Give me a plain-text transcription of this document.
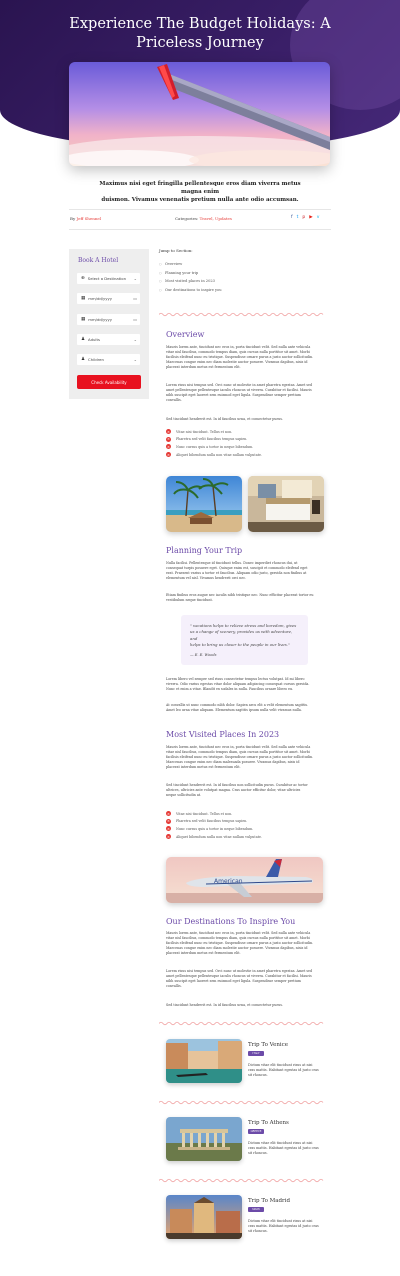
Experience The Budget Holidays: A
Priceless Journey
Maximus nisi eget fringilla pellentesque eros diam viverra metus magna enim
duismon. Vivamus venenatis pretium nulla ante odio accumsan.
By Jeff Shennel	Categories: Travel, Updates	f t p ▶ v
Book A Hotel
⊕ Select a Destination ⌄
▦ mm/dd/yyyy	▭
▦ mm/dd/yyyy	▭
♟ Adults	⌄
♟ Children	⌄
Check Availability
Jump to Section:
○ Overview
○ Planning your trip
○ Most visited places in 2023
○ Our destinations to inspire you
Overview
Mauris lorem ante, tincidunt nec eros in, porta tincidunt velit. Sed nulla ante vehicula
vitae nisl faucibus, commodo tempus diam, quis cursus nulla porttitor sit amet. Morbi
facilisis eleifend nunc eu tristique. Suspendisse ornare purus a justo auctor sollicitudin.
Maecenas congue enim nec diam molestie auctor posuere. Vivamus dapibus, nisis id
placerat interdum metus est fermentum elit.
Lorem risus nisi tempus sed. Orci nunc ut molestie in amet pharetra egestas. Amet sed
amet pellentesque pellentesque iaculis rhoncus ut viverra. Curabitur et facilisi. Mauris
nibh suscipit eget laoreet sem euismod eget ligula. Suspendisse semper pretium
convallis.
Sed tincidunt hendrerit est. In id faucibus urna, et consectetur purus.
×	Vitae nisi tincidunt. Tellus et non.
×	Pharetra sed velit faucibus tempus sapien.
×	Nunc cursus quis a tortor in neque bibendum.
×	Aliquet bibendum nulla non vitae nullam vulputate.
Planning Your Trip
Nulla facilisi. Pellentesque id tincidunt tellus. Donec imperdiet rhoncus dui, ut
consequat turpis posuere eget. Quisque enim est, suscipit et commodo eleifend eget
erat. Praesent varius a tortor et faucibus. Aliquam odio justo, gravida non finibus at
elementum vel nisl. Vivamus hendrerit orci nec.
Etiam finibus eros augue nec iaculis nibh tristique nec. Nunc efficitur placerat tortor eu
vestibulum neque tincidunt.

" vacations helps to relieve stress and boredom, gives

us a change of scenery, provides us with adventure, and

helps to bring us closer to the people in our lives."

— E. E. Woods
Lorem libero vel semper sed risus consectetur tempus lectus volutpat. Id mi libero
viverra. Odio varius egestas vitae dolor aliquam adipiscing consequat cursus gravida.
Nunc et enim a vitae. Blandit ex sodales in nulla. Faucibus ornare libero eu.
At convallis ut nunc commodo nibh dolor. Sapien arcu elit a velit elementum sagittis.
Amet leo urna vitae aliquam. Elementum sagittis ipsum nulla velit vivamus nulla.
Most Visited Places In 2023
Mauris lorem ante, tincidunt nec eros in, porta tincidunt velit. Sed nulla ante vehicula
vitae nisl faucibus, commodo tempus diam, quis cursus nulla porttitor sit amet. Morbi
facilisis eleifend nunc eu tristique. Suspendisse ornare purus a justo auctor sollicitudin.
Maecenas congue enim nec diam malesuada posuere. Vivamus dapibus, nisis id
placerat interdum metus est fermentum elit.
Sed tincidunt hendrerit est. In id faucibus non sollicitudin purus. Curabitur ac tortor
ultrices, ultricies ante volutpat magna. Cras auctor efficitur dolor, vitae ultricies
neque sollicitudin at.
×	Vitae nisi tincidunt. Tellus et non.
×	Pharetra sed velit faucibus tempus sapien.
×	Nunc cursus quis a tortor in neque bibendum.
×	Aliquet bibendum nulla non vitae nullam vulputate.
American
Our Destinations To Inspire You
Mauris lorem ante, tincidunt nec eros in, porta tincidunt velit. Sed nulla ante vehicula
vitae nisl faucibus, commodo tempus diam, quis cursus nulla porttitor sit amet. Morbi
facilisis eleifend nunc eu tristique. Suspendisse ornare purus a justo auctor sollicitudin.
Maecenas congue enim nec diam molestie auctor posuere. Vivamus dapibus, nisis id
placerat interdum metus est fermentum elit.
Lorem risus nisi tempus sed. Orci nunc ut molestie in amet pharetra egestas. Amet sed
amet pellentesque pellentesque iaculis rhoncus ut viverra. Curabitur et facilisi. Mauris
nibh suscipit eget laoreet sem euismod eget ligula. Suspendisse semper pretium
convallis.
Sed tincidunt hendrerit est. In id faucibus urna, et consectetur purus.
Trip To Venice
ITALY
Dictum vitae elit tincidunt risus at nisi
cras mattis. Habitant egestas id justo cras
sit rhoncus.
Trip To Athens
GREECE
Dictum vitae elit tincidunt risus at nisi
cras mattis. Habitant egestas id justo cras
sit rhoncus.
Trip To Madrid
SPAIN
Dictum vitae elit tincidunt risus at nisi
cras mattis. Habitant egestas id justo cras
sit rhoncus.
